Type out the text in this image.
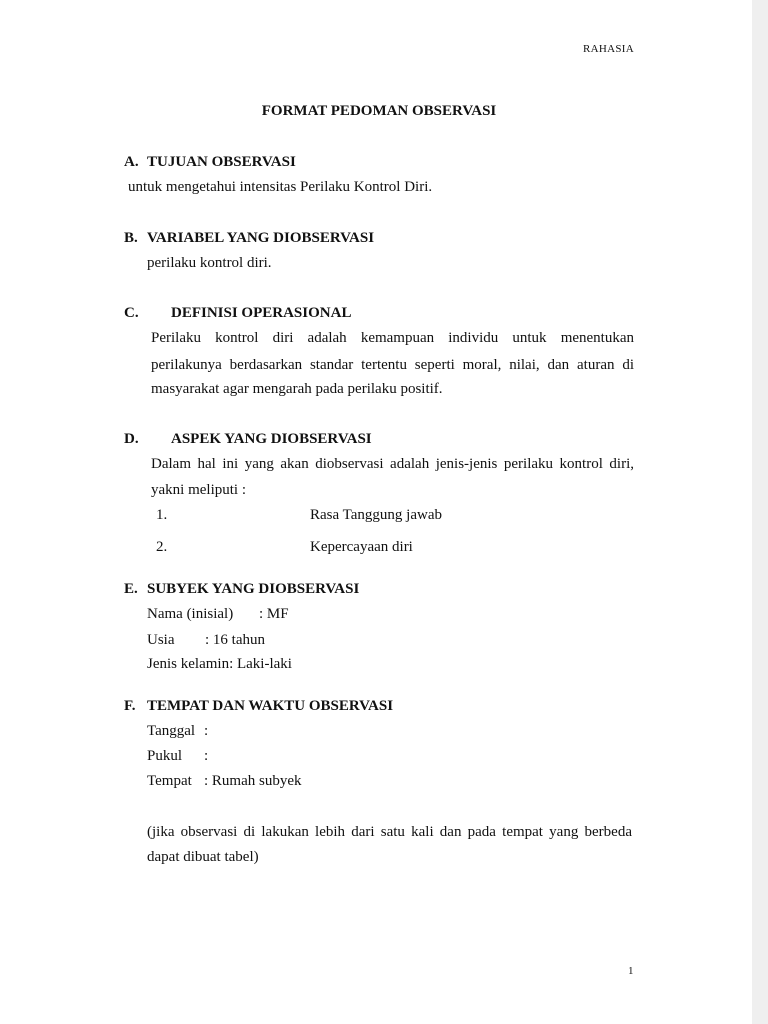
RAHASIA
FORMAT PEDOMAN OBSERVASI
A. TUJUAN OBSERVASI
untuk mengetahui intensitas Perilaku Kontrol Diri.
B. VARIABEL YANG DIOBSERVASI
perilaku kontrol diri.
C. DEFINISI OPERASIONAL
Perilaku kontrol diri adalah kemampuan individu untuk menentukan
perilakunya berdasarkan standar tertentu seperti moral, nilai, dan aturan di
masyarakat agar mengarah pada perilaku positif.
D. ASPEK YANG DIOBSERVASI
Dalam hal ini yang akan diobservasi adalah jenis-jenis perilaku kontrol diri,
yakni meliputi :
1.	Rasa Tanggung jawab
2.	Kepercayaan diri
E. SUBYEK YANG DIOBSERVASI
Nama (inisial) : MF
Usia : 16 tahun
Jenis kelamin: Laki-laki
F. TEMPAT DAN WAKTU OBSERVASI
Tanggal :
Pukul :
Tempat : Rumah subyek
(jika observasi di lakukan lebih dari satu kali dan pada tempat yang berbeda
dapat dibuat tabel)
1
